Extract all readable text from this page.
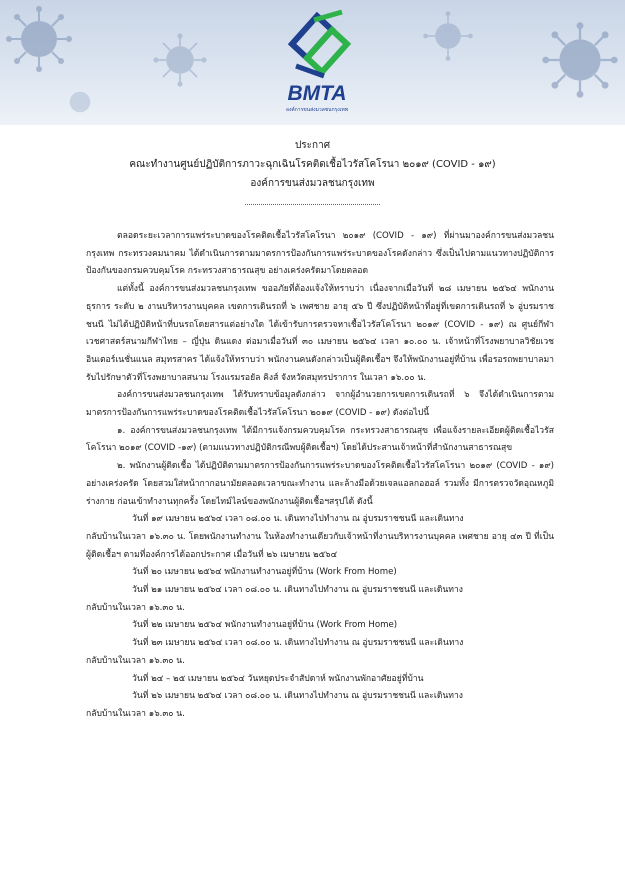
BMTA
องค์การขนส่งมวลชนกรุงเทพ
ประกาศ
คณะทำงานศูนย์ปฏิบัติการภาวะฉุกเฉินโรคติดเชื้อไวรัสโคโรนา ๒๐๑๙ (COVID - ๑๙)
องค์การขนส่งมวลชนกรุงเทพ

ตลอดระยะเวลาการแพร่ระบาดของโรคติดเชื้อไวรัสโคโรนา ๒๐๑๙ (COVID - ๑๙) ที่ผ่านมาองค์การขนส่งมวลชนกรุงเทพ กระทรวงคมนาคม ได้ดำเนินการตามมาตรการป้องกันการแพร่ระบาดของโรคดังกล่าว ซึ่งเป็นไปตามแนวทางปฏิบัติการป้องกันของกรมควบคุมโรค กระทรวงสาธารณสุข อย่างเคร่งครัดมาโดยตลอด

แต่ทั้งนี้ องค์การขนส่งมวลชนกรุงเทพ ขออภัยที่ต้องแจ้งให้ทราบว่า เนื่องจากเมื่อวันที่ ๒๘ เมษายน ๒๕๖๔ พนักงานธุรการ ระดับ ๒ งานบริหารงานบุคคล เขตการเดินรถที่ ๖ เพศชาย อายุ ๕๖ ปี ซึ่งปฏิบัติหน้าที่อยู่ที่เขตการเดินรถที่ ๖ อู่บรมราชชนนี ไม่ได้ปฏิบัติหน้าที่บนรถโดยสารแต่อย่างใด ได้เข้ารับการตรวจหาเชื้อไวรัสโคโรนา ๒๐๑๙ (COVID - ๑๙) ณ ศูนย์กีฬาเวชศาสตร์สนามกีฬาไทย – ญี่ปุ่น ดินแดง ต่อมาเมื่อวันที่ ๓๐ เมษายน ๒๕๖๔ เวลา ๑๐.๐๐ น. เจ้าหน้าที่โรงพยาบาลวิชัยเวช อินเตอร์เนชั่นแนล สมุทรสาคร ได้แจ้งให้ทราบว่า พนักงานคนดังกล่าวเป็นผู้ติดเชื้อฯ จึงให้พนักงานอยู่ที่บ้าน เพื่อรอรถพยาบาลมารับไปรักษาตัวที่โรงพยาบาลสนาม โรงแรมรอยัล คิงส์ จังหวัดสมุทรปราการ ในเวลา ๑๖.๐๐ น.

องค์การขนส่งมวลชนกรุงเทพ ได้รับทราบข้อมูลดังกล่าว จากผู้อำนวยการเขตการเดินรถที่ ๖ จึงได้ดำเนินการตามมาตรการป้องกันการแพร่ระบาดของโรคติดเชื้อไวรัสโคโรนา ๒๐๑๙ (COVID - ๑๙) ดังต่อไปนี้

๑. องค์การขนส่งมวลชนกรุงเทพ ได้มีการแจ้งกรมควบคุมโรค กระทรวงสาธารณสุข เพื่อแจ้งรายละเอียดผู้ติดเชื้อไวรัสโคโรนา ๒๐๑๙ (COVID -๑๙) (ตามแนวทางปฏิบัติกรณีพบผู้ติดเชื้อฯ) โดยได้ประสานเจ้าหน้าที่สำนักงานสาธารณสุข

๒. พนักงานผู้ติดเชื้อ ได้ปฏิบัติตามมาตรการป้องกันการแพร่ระบาดของโรคติดเชื้อไวรัสโคโรนา ๒๐๑๙ (COVID - ๑๙) อย่างเคร่งครัด โดยสวมใส่หน้ากากอนามัยตลอดเวลาขณะทำงาน และล้างมือด้วยเจลแอลกอฮอล์ รวมทั้ง มีการตรวจวัดอุณหภูมิร่างกาย ก่อนเข้าทำงานทุกครั้ง โดยไทม์ไลน์ของพนักงานผู้ติดเชื้อฯสรุปได้ ดังนี้

วันที่ ๑๙ เมษายน ๒๕๖๔ เวลา ๐๘.๐๐ น. เดินทางไปทำงาน ณ อู่บรมราชชนนี และเดินทาง
กลับบ้านในเวลา ๑๖.๓๐ น. โดยพนักงานทำงาน ในห้องทำงานเดียวกับเจ้าหน้าที่งานบริหารงานบุคคล เพศชาย อายุ ๔๓ ปี ที่เป็นผู้ติดเชื้อฯ ตามที่องค์การได้ออกประกาศ เมื่อวันที่ ๒๖ เมษายน ๒๕๖๔
วันที่ ๒๐ เมษายน ๒๕๖๔ พนักงานทำงานอยู่ที่บ้าน (Work From Home)
วันที่ ๒๑ เมษายน ๒๕๖๔ เวลา ๐๘.๐๐ น. เดินทางไปทำงาน ณ อู่บรมราชชนนี และเดินทาง
กลับบ้านในเวลา ๑๖.๓๐ น.
วันที่ ๒๒ เมษายน ๒๕๖๔ พนักงานทำงานอยู่ที่บ้าน (Work From Home)
วันที่ ๒๓ เมษายน ๒๕๖๔ เวลา ๐๘.๐๐ น. เดินทางไปทำงาน ณ อู่บรมราชชนนี และเดินทาง
กลับบ้านในเวลา ๑๖.๓๐ น.
วันที่ ๒๔ – ๒๕ เมษายน ๒๕๖๔ วันหยุดประจำสัปดาห์ พนักงานพักอาศัยอยู่ที่บ้าน
วันที่ ๒๖ เมษายน ๒๕๖๔ เวลา ๐๘.๐๐ น. เดินทางไปทำงาน ณ อู่บรมราชชนนี และเดินทาง
กลับบ้านในเวลา ๑๖.๓๐ น.
